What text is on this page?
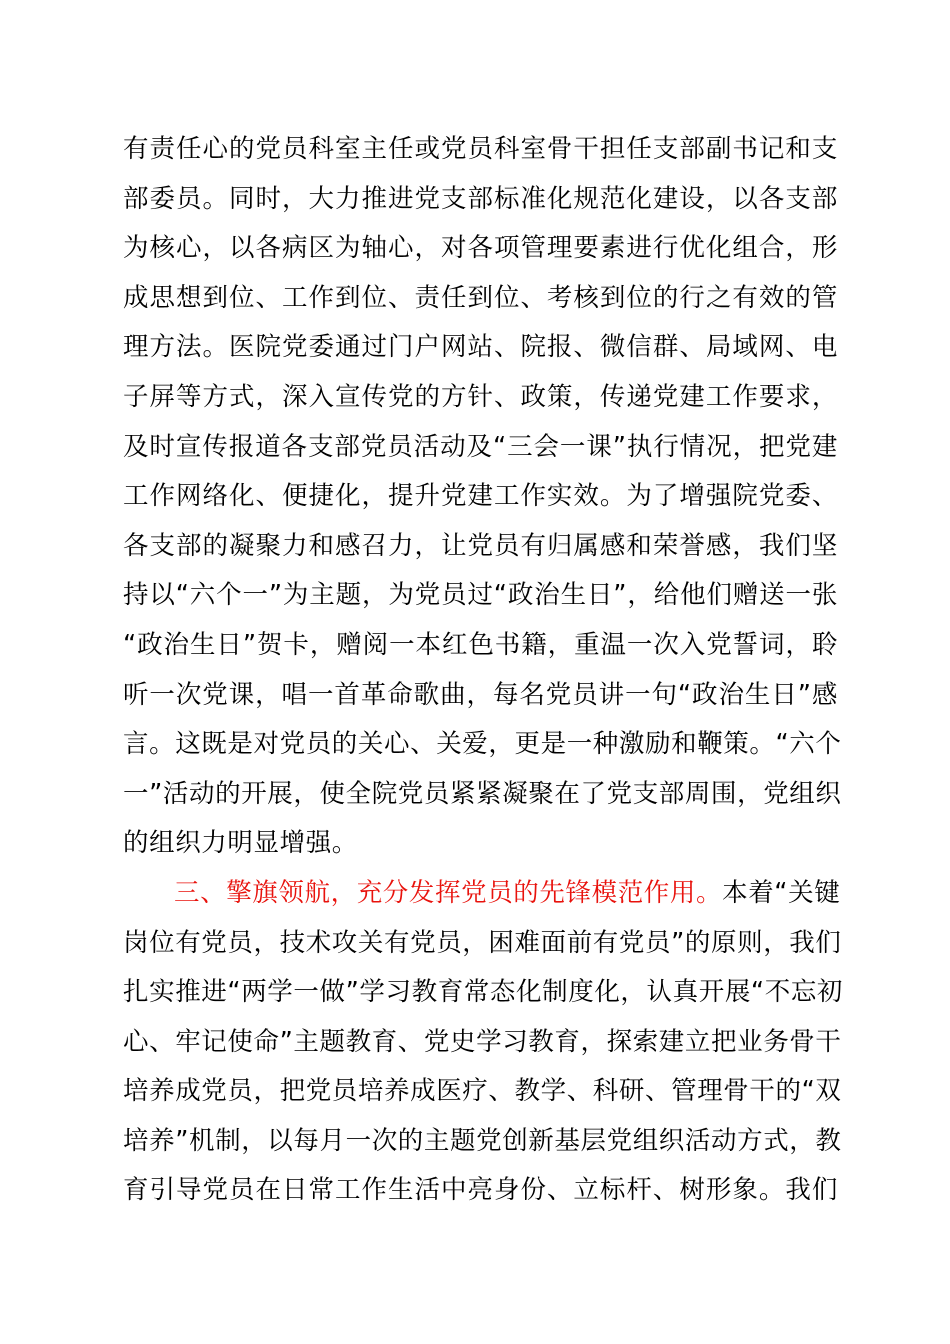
有责任心的党员科室主任或党员科室骨干担任支部副书记和支
部委员。同时，大力推进党支部标准化规范化建设，以各支部
为核心，以各病区为轴心，对各项管理要素进行优化组合，形
成思想到位、工作到位、责任到位、考核到位的行之有效的管
理方法。医院党委通过门户网站、院报、微信群、局域网、电
子屏等方式，深入宣传党的方针、政策，传递党建工作要求，
及时宣传报道各支部党员活动及“三会一课”执行情况，把党建
工作网络化、便捷化，提升党建工作实效。为了增强院党委、
各支部的凝聚力和感召力，让党员有归属感和荣誉感，我们坚
持以“六个一”为主题，为党员过“政治生日”，给他们赠送一张
“政治生日”贺卡，赠阅一本红色书籍，重温一次入党誓词，聆
听一次党课，唱一首革命歌曲，每名党员讲一句“政治生日”感
言。这既是对党员的关心、关爱，更是一种激励和鞭策。“六个
一”活动的开展，使全院党员紧紧凝聚在了党支部周围，党组织
的组织力明显增强。
三、擎旗领航，充分发挥党员的先锋模范作用。本着“关键
岗位有党员，技术攻关有党员，困难面前有党员”的原则，我们
扎实推进“两学一做”学习教育常态化制度化，认真开展“不忘初
心、牢记使命”主题教育、党史学习教育，探索建立把业务骨干
培养成党员，把党员培养成医疗、教学、科研、管理骨干的“双
培养”机制，以每月一次的主题党创新基层党组织活动方式，教
育引导党员在日常工作生活中亮身份、立标杆、树形象。我们
